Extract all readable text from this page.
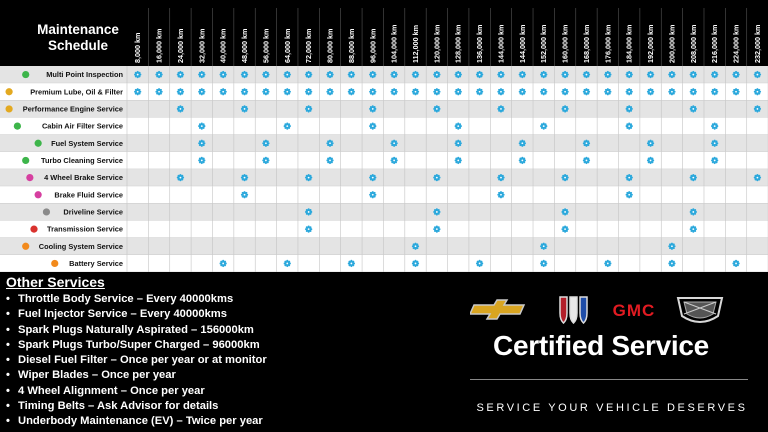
Maintenance
Schedule
Multi Point Inspection
Premium Lube, Oil & Filter
Performance Engine Service
Cabin Air Filter Service
Fuel System Service
Turbo Cleaning Service
4 Wheel Brake Service
Brake Fluid Service
Driveline Service
Transmission Service
Cooling System Service
Battery Service
8,000 km 16,000 km 24,000 km 32,000 km 40,000 km 48,000 km 56,000 km 64,000 km 72,000 km 80,000 km 88,000 km 96,000 km 104,000 km 112,000 km 120,000 km 128,000 km 136,000 km 144,000 km 144,000 km 152,000 km 160,000 km 168,000 km 176,000 km 184,000 km 192,000 km 200,000 km 208,000 km 216,000 km 224,000 km 232,000 km
Other Services
• Throttle Body Service – Every 40000kms
• Fuel Injector Service – Every 40000kms
• Spark Plugs Naturally Aspirated – 156000km
• Spark Plugs Turbo/Super Charged – 96000km
• Diesel Fuel Filter – Once per year or at monitor
• Wiper Blades – Once per year
• 4 Wheel Alignment – Once per year
• Timing Belts – Ask Advisor for details
• Underbody Maintenance (EV) – Twice per year
GMC
Certified Service
SERVICE YOUR VEHICLE DESERVES
